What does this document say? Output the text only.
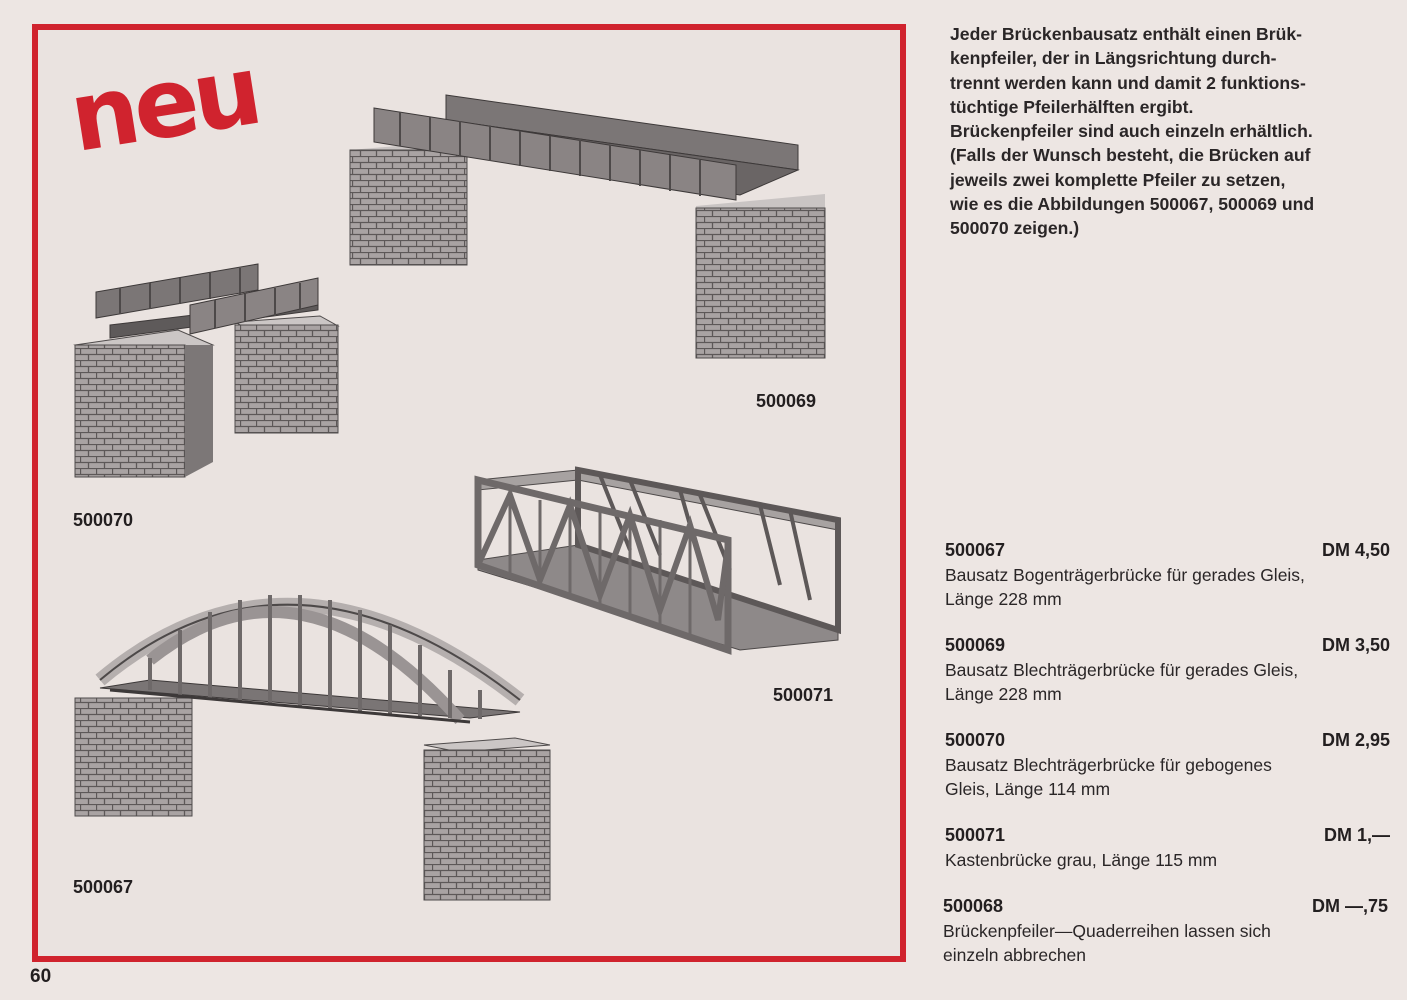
neu
500069
500070
500071
500067

Jeder Brückenbausatz enthält einen Brük-

kenpfeiler, der in Längsrichtung durch-

trennt werden kann und damit 2 funktions-

tüchtige Pfeilerhälften ergibt.

Brückenpfeiler sind auch einzeln erhältlich.

(Falls der Wunsch besteht, die Brücken auf

jeweils zwei komplette Pfeiler zu setzen,

wie es die Abbildungen 500067, 500069 und

500070 zeigen.)

500067	DM 4,50
Bausatz Bogenträgerbrücke für gerades Gleis,
Länge 228 mm
500069	DM 3,50
Bausatz Blechträgerbrücke für gerades Gleis,
Länge 228 mm
500070	DM 2,95
Bausatz Blechträgerbrücke für gebogenes
Gleis, Länge 114 mm
500071	DM 1,—
Kastenbrücke grau, Länge 115 mm
500068	DM —,75
Brückenpfeiler—Quaderreihen lassen sich
einzeln abbrechen
60
